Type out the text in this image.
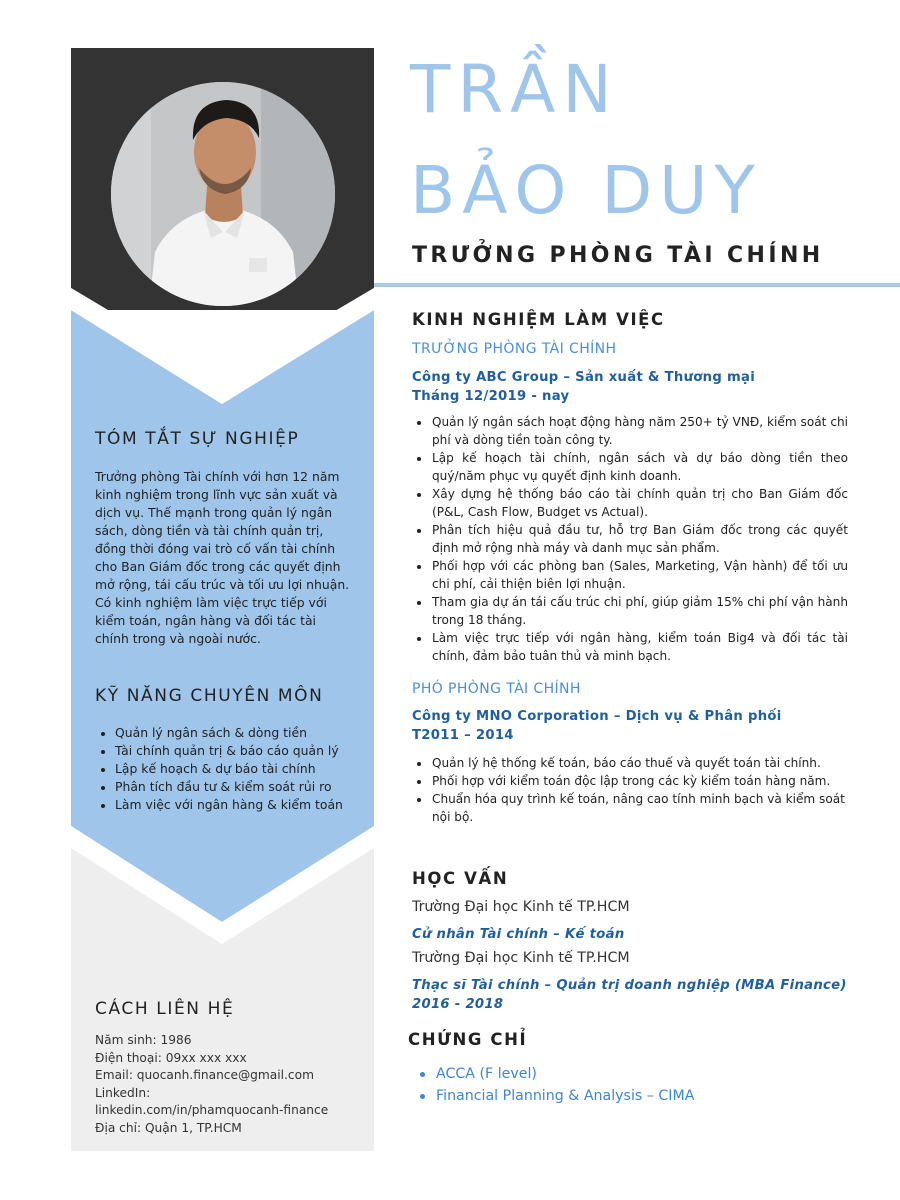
TÓM TẮT SỰ NGHIỆP

Trưởng phòng Tài chính với hơn 12 năm kinh nghiệm trong lĩnh vực sản xuất và dịch vụ. Thế mạnh trong quản lý ngân sách, dòng tiền và tài chính quản trị, đồng thời đóng vai trò cố vấn tài chính cho Ban Giám đốc trong các quyết định mở rộng, tái cấu trúc và tối ưu lợi nhuận. Có kinh nghiệm làm việc trực tiếp với kiểm toán, ngân hàng và đối tác tài chính trong và ngoài nước.

KỸ NĂNG CHUYÊN MÔN
Quản lý ngân sách & dòng tiền
Tài chính quản trị & báo cáo quản lý
Lập kế hoạch & dự báo tài chính
Phân tích đầu tư & kiểm soát rủi ro
Làm việc với ngân hàng & kiểm toán
CÁCH LIÊN HỆ
Năm sinh: 1986
Điện thoại: 09xx xxx xxx
Email: quocanh.finance@gmail.com
LinkedIn:
linkedin.com/in/phamquocanh-finance
Địa chỉ: Quận 1, TP.HCM
TRẦN
BẢO DUY
TRƯỞNG PHÒNG TÀI CHÍNH
KINH NGHIỆM LÀM VIỆC
TRƯỞNG PHÒNG TÀI CHÍNH
Công ty ABC Group – Sản xuất & Thương mại
Tháng 12/2019 - nay
Quản lý ngân sách hoạt động hàng năm 250+ tỷ VNĐ, kiểm soát chi phí và dòng tiền toàn công ty.
Lập kế hoạch tài chính, ngân sách và dự báo dòng tiền theo quý/năm phục vụ quyết định kinh doanh.
Xây dựng hệ thống báo cáo tài chính quản trị cho Ban Giám đốc (P&L, Cash Flow, Budget vs Actual).
Phân tích hiệu quả đầu tư, hỗ trợ Ban Giám đốc trong các quyết định mở rộng nhà máy và danh mục sản phẩm.
Phối hợp với các phòng ban (Sales, Marketing, Vận hành) để tối ưu chi phí, cải thiện biên lợi nhuận.
Tham gia dự án tái cấu trúc chi phí, giúp giảm 15% chi phí vận hành trong 18 tháng.
Làm việc trực tiếp với ngân hàng, kiểm toán Big4 và đối tác tài chính, đảm bảo tuân thủ và minh bạch.
PHÓ PHÒNG TÀI CHÍNH
Công ty MNO Corporation – Dịch vụ & Phân phối
T2011 – 2014
Quản lý hệ thống kế toán, báo cáo thuế và quyết toán tài chính.
Phối hợp với kiểm toán độc lập trong các kỳ kiểm toán hàng năm.
Chuẩn hóa quy trình kế toán, nâng cao tính minh bạch và kiểm soát nội bộ.
HỌC VẤN
Trường Đại học Kinh tế TP.HCM
Cử nhân Tài chính – Kế toán
Trường Đại học Kinh tế TP.HCM
Thạc sĩ Tài chính – Quản trị doanh nghiệp (MBA Finance)
2016 - 2018
CHỨNG CHỈ
ACCA (F level)
Financial Planning & Analysis – CIMA
